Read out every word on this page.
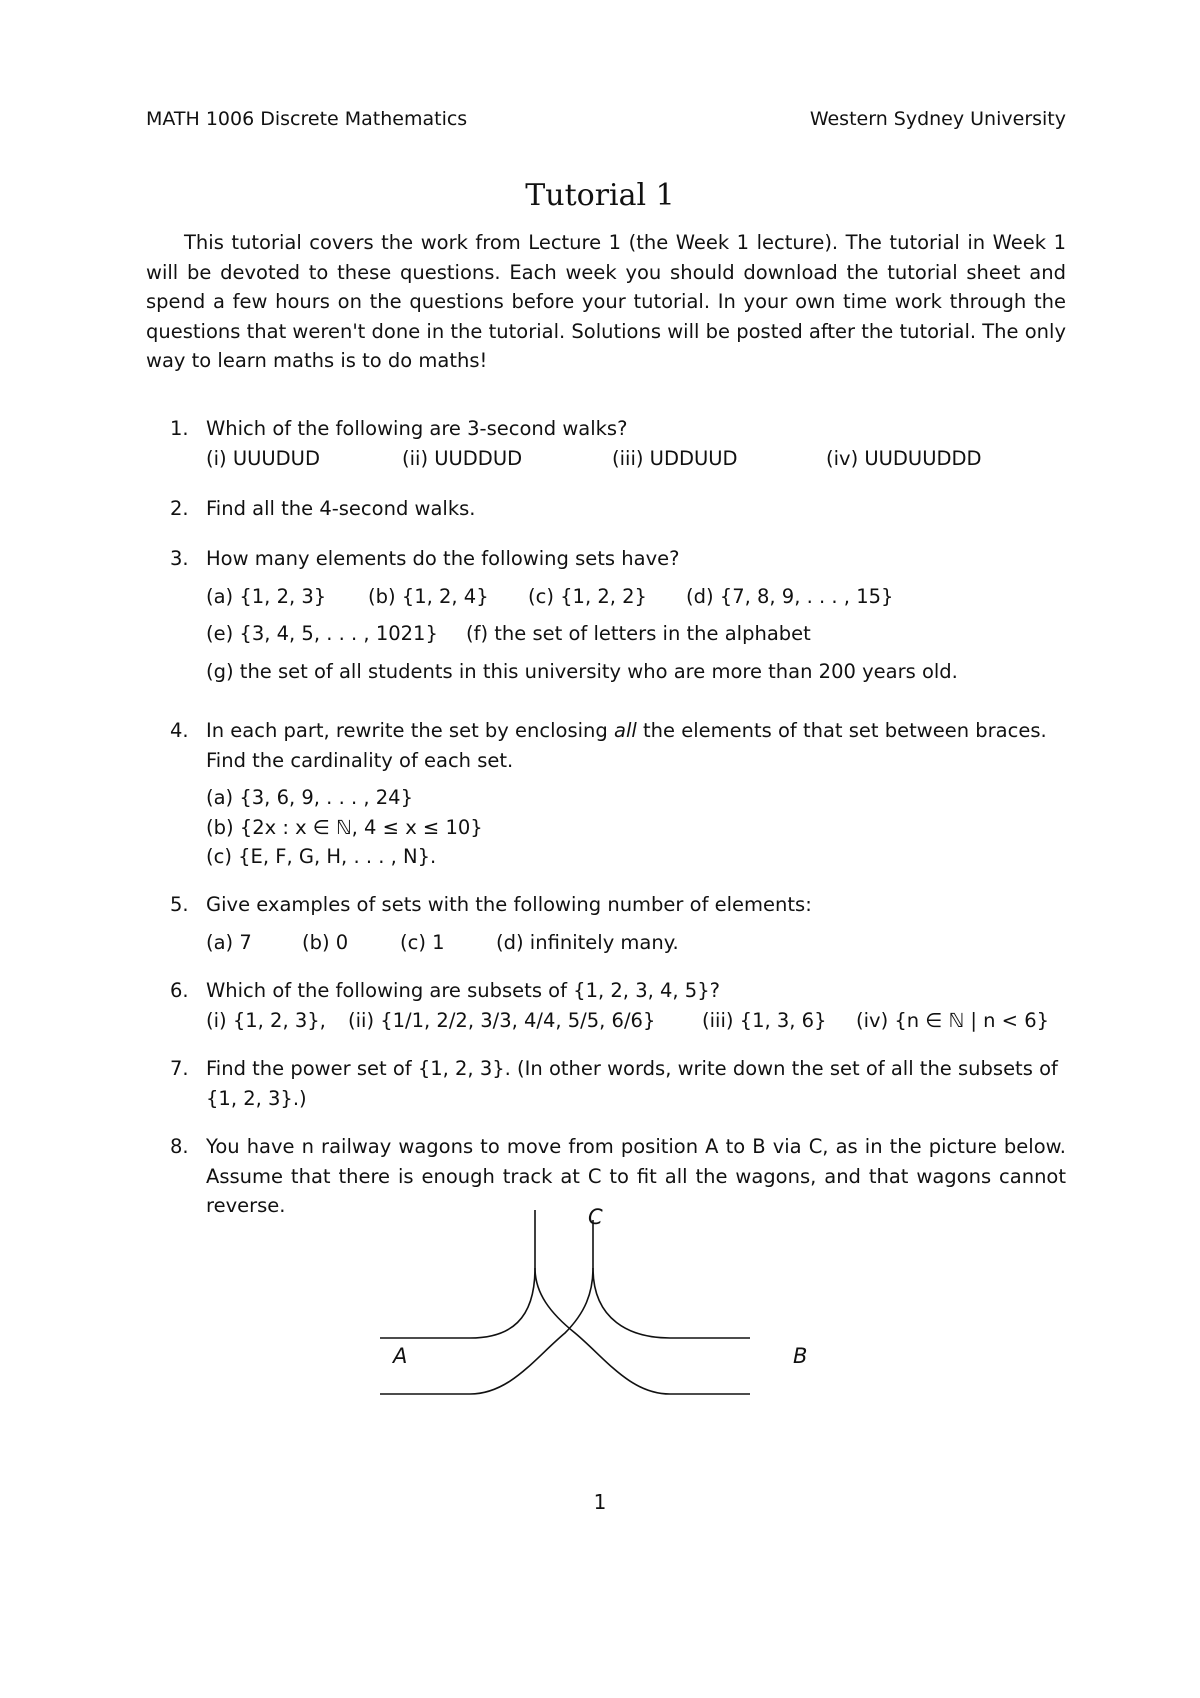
MATH 1006 Discrete Mathematics	Western Sydney University
Tutorial 1

This tutorial covers the work from Lecture 1 (the Week 1 lecture). The tutorial in Week 1 will be devoted to these questions. Each week you should download the tutorial sheet and spend a few hours on the questions before your tutorial. In your own time work through the questions that weren't done in the tutorial. Solutions will be posted after the tutorial. The only way to learn maths is to do maths!

1. Which of the following are 3-second walks?
(i) UUUDUD	(ii) UUDDUD	(iii) UDDUUD	(iv) UUDUUDDD
2. Find all the 4-second walks.
3. How many elements do the following sets have?
(a) {1, 2, 3}	(b) {1, 2, 4}	(c) {1, 2, 2}	(d) {7, 8, 9, . . . , 15}
(e) {3, 4, 5, . . . , 1021}	(f) the set of letters in the alphabet
(g) the set of all students in this university who are more than 200 years old.
4. In each part, rewrite the set by enclosing all the elements of that set between braces. Find the cardinality of each set.
(a) {3, 6, 9, . . . , 24}
(b) {2x : x ∈ ℕ, 4 ≤ x ≤ 10}
(c) {E, F, G, H, . . . , N}.
5. Give examples of sets with the following number of elements:
(a) 7	(b) 0	(c) 1	(d) infinitely many.
6. Which of the following are subsets of {1, 2, 3, 4, 5}?
(i) {1, 2, 3},	(ii) {1/1, 2/2, 3/3, 4/4, 5/5, 6/6}	(iii) {1, 3, 6}	(iv) {n ∈ ℕ | n < 6}
7. Find the power set of {1, 2, 3}. (In other words, write down the set of all the subsets of {1, 2, 3}.)
8. You have n railway wagons to move from position A to B via C, as in the picture below. Assume that there is enough track at C to fit all the wagons, and that wagons cannot reverse.	C
A	B
1
